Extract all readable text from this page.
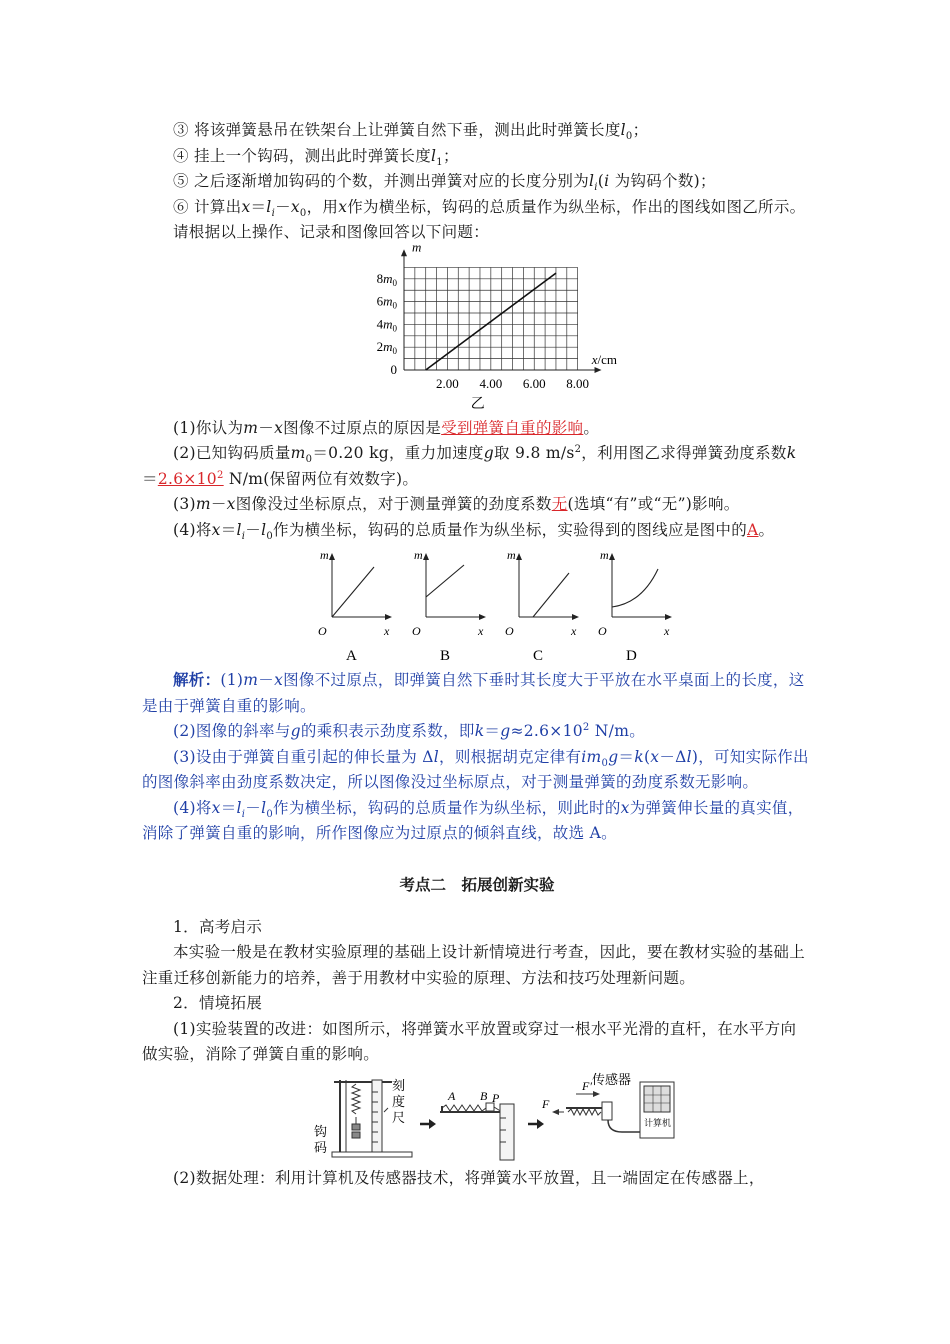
③ 将该弹簧悬吊在铁架台上让弹簧自然下垂，测出此时弹簧长度$l_0$；

④ 挂上一个钩码，测出此时弹簧长度$l_1$；

⑤ 之后逐渐增加钩码的个数，并测出弹簧对应的长度分别为$l_i(i$ 为钩码个数)；

⑥ 计算出$x=l_i-x_0$，用x作为横坐标，钩码的总质量作为纵坐标，作出的图线如图乙所示。

请根据以上操作、记录和图像回答以下问题：

2.00 4.00 6.00 8.00
0
$2m_0$
$4m_0$
$6m_0$
$8m_0$
m
x/cm
乙

(1)你认为m－x图像不过原点的原因是受到弹簧自重的影响。

(2)已知钩码质量$m_0=0.20$ kg，重力加速度g取 9.8 $m/s^2$，利用图乙求得弹簧劲度系数k

$=2.6\times 10^2$ N/m(保留两位有效数字)。

(3)m－x图像没过坐标原点，对于测量弹簧的劲度系数无(选填“有”或“无”)影响。

(4)将$x=l_i-l_0$作为横坐标，钩码的总质量作为纵坐标，实验得到的图线应是图中的A。

m
x
O
A
m
x
O
B
m
x
O
C
m
x
O
D

解析：(1)m－x图像不过原点，即弹簧自然下垂时其长度大于平放在水平桌面上的长度，这是由于弹簧自重的影响。

(2)图像的斜率与g的乘积表示劲度系数，即$k=g\approx 2.6\times 10^2$ N/m。

(3)设由于弹簧自重引起的伸长量为 Δl，则根据胡克定律有$im_0g=k(x-\Delta l)$，可知实际作出的图像斜率由劲度系数决定，所以图像没过坐标原点，对于测量弹簧的劲度系数无影响。

(4)将$x=l_i-l_0$作为横坐标，钩码的总质量作为纵坐标，则此时的x为弹簧伸长量的真实值，消除了弹簧自重的影响，所作图像应为过原点的倾斜直线，故选 A。

考点二　拓展创新实验

1．高考启示

本实验一般是在教材实验原理的基础上设计新情境进行考查，因此，要在教材实验的基础上注重迁移创新能力的培养，善于用教材中实验的原理、方法和技巧处理新问题。

2．情境拓展

(1)实验装置的改进：如图所示，将弹簧水平放置或穿过一根水平光滑的直杆，在水平方向做实验，消除了弹簧自重的影响。

刻
度
尺
钩
码
A B P
F′
F
传感器
计算机

(2)数据处理：利用计算机及传感器技术，将弹簧水平放置，且一端固定在传感器上，
